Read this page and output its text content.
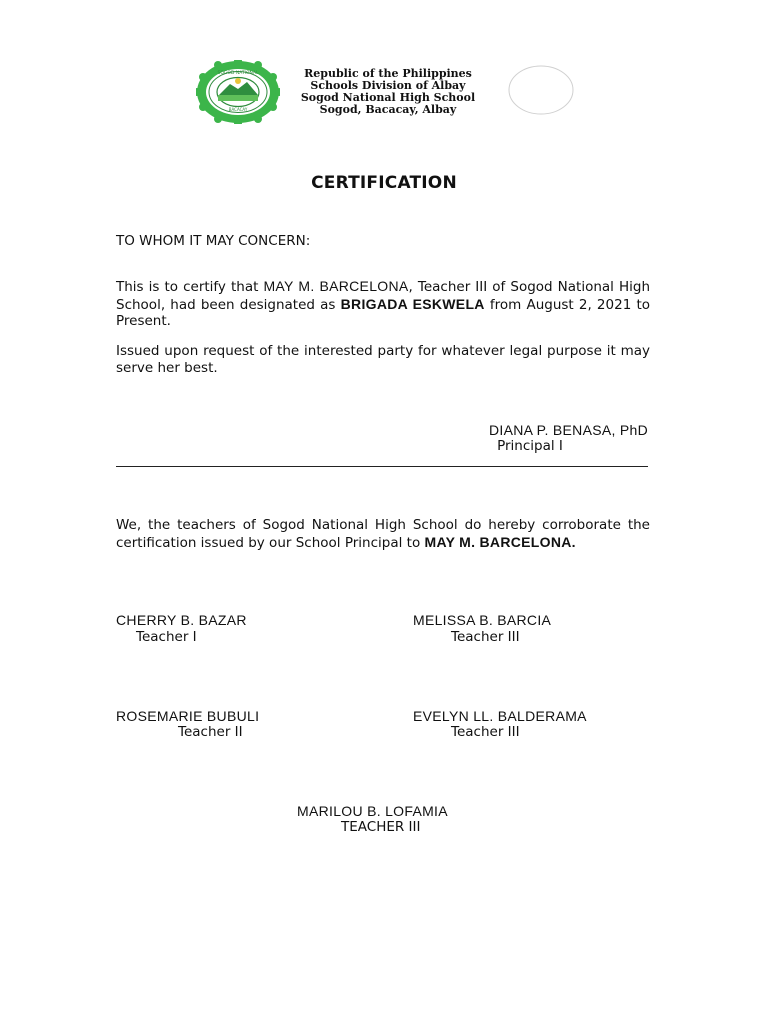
SOGOD NATIONAL
BACACAY
Republic of the Philippines
Schools Division of Albay
Sogod National High School
Sogod, Bacacay, Albay
CERTIFICATION
TO WHOM IT MAY CONCERN:
This is to certify that MAY M. BARCELONA, Teacher III of Sogod National High School, had been designated as BRIGADA ESKWELA from August 2, 2021 to Present.
Issued upon request of the interested party for whatever legal purpose it may serve her best.
DIANA P. BENASA, PhD
Principal I
We, the teachers of Sogod National High School do hereby corroborate the certification issued by our School Principal to MAY M. BARCELONA.
CHERRY B. BAZAR
Teacher I
MELISSA B. BARCIA
Teacher III
ROSEMARIE BUBULI
Teacher II
EVELYN LL. BALDERAMA
Teacher III
MARILOU B. LOFAMIA
TEACHER III
